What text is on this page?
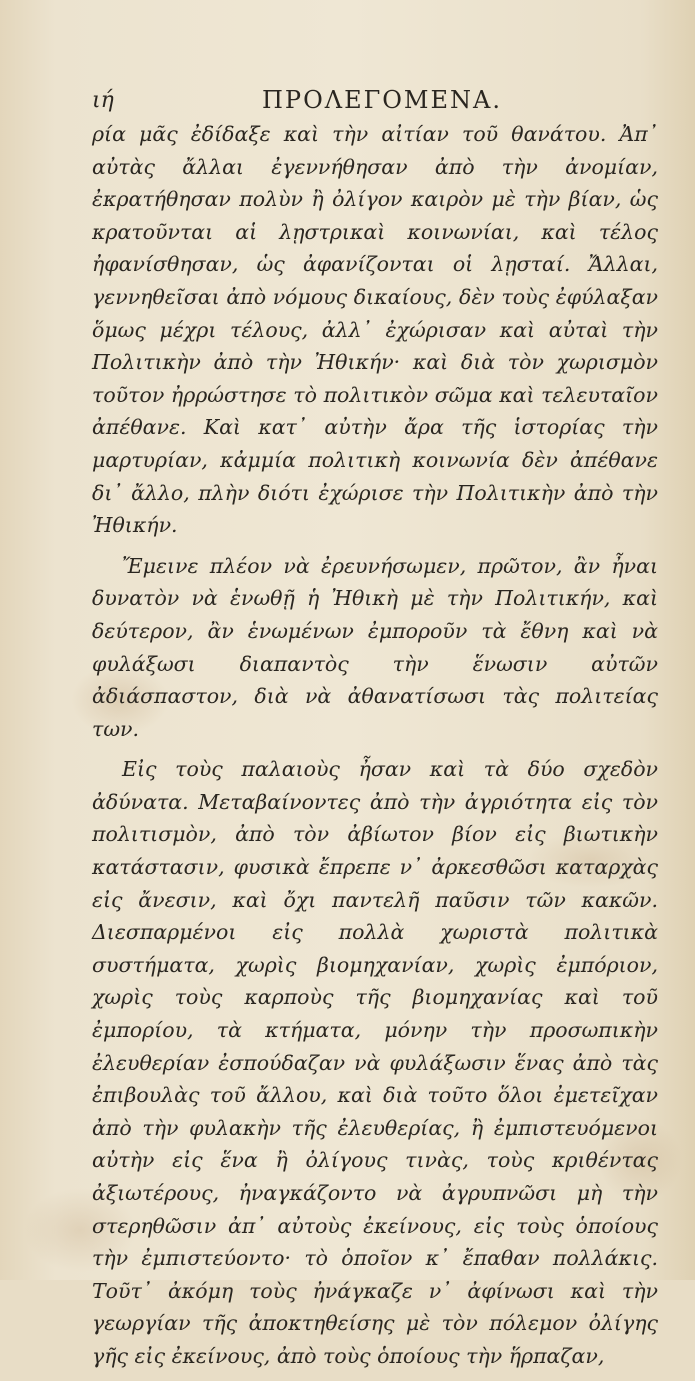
ιή	ΠΡΟΛΕΓΟΜΕΝΑ.

ρία μᾶς ἐδίδαξε καὶ τὴν αἰτίαν τοῦ θανάτου. Ἀπ᾽ αὐτὰς ἄλλαι ἐγεννήθησαν ἀπὸ τὴν ἀνομίαν, ἐκρατήθησαν πολὺν ἢ ὀλίγον καιρὸν μὲ τὴν βίαν, ὡς κρατοῦνται αἱ λῃστρικαὶ κοινωνίαι, καὶ τέλος ἠφανίσθησαν, ὡς ἀφανίζονται οἱ λῃσταί. Ἄλλαι, γεννηθεῖσαι ἀπὸ νόμους δικαίους, δὲν τοὺς ἐφύλαξαν ὅμως μέχρι τέλους, ἀλλ᾽ ἐχώρισαν καὶ αὐταὶ τὴν Πολιτικὴν ἀπὸ τὴν Ἠθικήν· καὶ διὰ τὸν χωρισμὸν τοῦτον ἠρρώστησε τὸ πολιτικὸν σῶμα καὶ τελευταῖον ἀπέθανε. Καὶ κατ᾽ αὐτὴν ἄρα τῆς ἱστορίας τὴν μαρτυρίαν, κἀμμία πολιτικὴ κοινωνία δὲν ἀπέθανε δι᾽ ἄλλο, πλὴν διότι ἐχώρισε τὴν Πολιτικὴν ἀπὸ τὴν Ἠθικήν.

Ἔμεινε πλέον νὰ ἐρευνήσωμεν, πρῶτον, ἂν ἦναι δυνατὸν νὰ ἑνωθῇ ἡ Ἠθικὴ μὲ τὴν Πολιτικήν, καὶ δεύτερον, ἂν ἑνωμένων ἐμποροῦν τὰ ἔθνη καὶ νὰ φυλάξωσι διαπαντὸς τὴν ἕνωσιν αὐτῶν ἀδιάσπαστον, διὰ νὰ ἀθανατίσωσι τὰς πολιτείας των.

Εἰς τοὺς παλαιοὺς ἦσαν καὶ τὰ δύο σχεδὸν ἀδύνατα. Μεταβαίνοντες ἀπὸ τὴν ἀγριότητα εἰς τὸν πολιτισμὸν, ἀπὸ τὸν ἀβίωτον βίον εἰς βιωτικὴν κατάστασιν, φυσικὰ ἔπρεπε ν᾽ ἀρκεσθῶσι καταρχὰς εἰς ἄνεσιν, καὶ ὄχι παντελῆ παῦσιν τῶν κακῶν. Διεσπαρμένοι εἰς πολλὰ χωριστὰ πολιτικὰ συστήματα, χωρὶς βιομηχανίαν, χωρὶς ἐμπόριον, χωρὶς τοὺς καρποὺς τῆς βιομηχανίας καὶ τοῦ ἐμπορίου, τὰ κτήματα, μόνην τὴν προσωπικὴν ἐλευθερίαν ἐσπούδαζαν νὰ φυλάξωσιν ἕνας ἀπὸ τὰς ἐπιβουλὰς τοῦ ἄλλου, καὶ διὰ τοῦτο ὅλοι ἐμετεῖχαν ἀπὸ τὴν φυλακὴν τῆς ἐλευθερίας, ἢ ἐμπιστευόμενοι αὐτὴν εἰς ἕνα ἢ ὀλίγους τινὰς, τοὺς κριθέντας ἀξιωτέρους, ἠναγκάζοντο νὰ ἀγρυπνῶσι μὴ τὴν στερηθῶσιν ἀπ᾽ αὐτοὺς ἐκείνους, εἰς τοὺς ὁποίους τὴν ἐμπιστεύοντο· τὸ ὁποῖον κ᾽ ἔπαθαν πολλάκις. Τοῦτ᾽ ἀκόμη τοὺς ἠνάγκαζε ν᾽ ἀφίνωσι καὶ τὴν γεωργίαν τῆς ἀποκτηθείσης μὲ τὸν πόλεμον ὀλίγης γῆς εἰς ἐκείνους, ἀπὸ τοὺς ὁποίους τὴν ἥρπαζαν,
